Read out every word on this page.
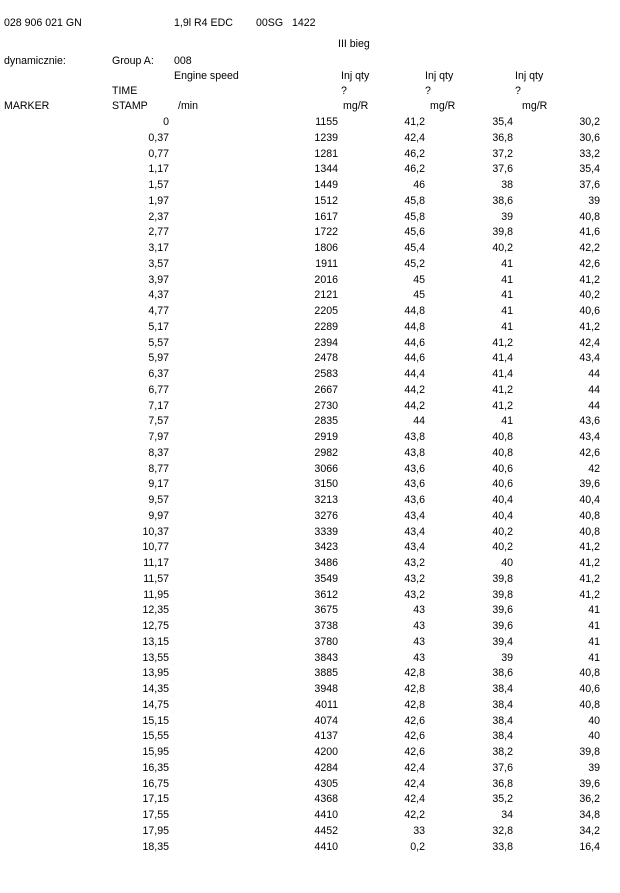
028 906 021 GN	1,9l R4 EDC 00SG 1422
III bieg
dynamicznie:	Group A: 008
Engine speed	Inj qty	Inj qty	Inj qty
TIME	?	?	?
MARKER	STAMP	/min	mg/R	mg/R	mg/R
0	1155	41,2	35,4	30,2
0,37	1239	42,4	36,8	30,6
0,77	1281	46,2	37,2	33,2
1,17	1344	46,2	37,6	35,4
1,57	1449	46	38	37,6
1,97	1512	45,8	38,6	39
2,37	1617	45,8	39	40,8
2,77	1722	45,6	39,8	41,6
3,17	1806	45,4	40,2	42,2
3,57	1911	45,2	41	42,6
3,97	2016	45	41	41,2
4,37	2121	45	41	40,2
4,77	2205	44,8	41	40,6
5,17	2289	44,8	41	41,2
5,57	2394	44,6	41,2	42,4
5,97	2478	44,6	41,4	43,4
6,37	2583	44,4	41,4	44
6,77	2667	44,2	41,2	44
7,17	2730	44,2	41,2	44
7,57	2835	44	41	43,6
7,97	2919	43,8	40,8	43,4
8,37	2982	43,8	40,8	42,6
8,77	3066	43,6	40,6	42
9,17	3150	43,6	40,6	39,6
9,57	3213	43,6	40,4	40,4
9,97	3276	43,4	40,4	40,8
10,37	3339	43,4	40,2	40,8
10,77	3423	43,4	40,2	41,2
11,17	3486	43,2	40	41,2
11,57	3549	43,2	39,8	41,2
11,95	3612	43,2	39,8	41,2
12,35	3675	43	39,6	41
12,75	3738	43	39,6	41
13,15	3780	43	39,4	41
13,55	3843	43	39	41
13,95	3885	42,8	38,6	40,8
14,35	3948	42,8	38,4	40,6
14,75	4011	42,8	38,4	40,8
15,15	4074	42,6	38,4	40
15,55	4137	42,6	38,4	40
15,95	4200	42,6	38,2	39,8
16,35	4284	42,4	37,6	39
16,75	4305	42,4	36,8	39,6
17,15	4368	42,4	35,2	36,2
17,55	4410	42,2	34	34,8
17,95	4452	33	32,8	34,2
18,35	4410	0,2	33,8	16,4
